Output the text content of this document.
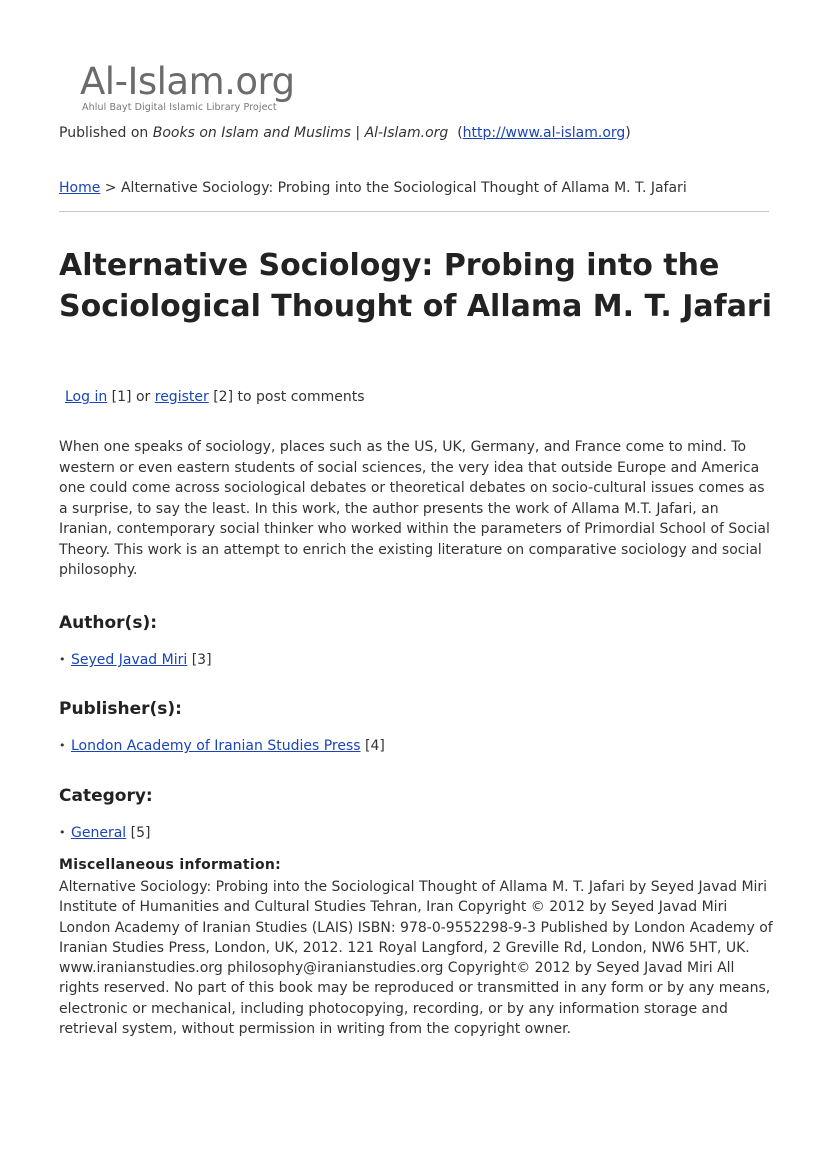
Al-Islam.org
Ahlul Bayt Digital Islamic Library Project
Published on Books on Islam and Muslims | Al-Islam.org (http://www.al-islam.org)
Home > Alternative Sociology: Probing into the Sociological Thought of Allama M. T. Jafari
Alternative Sociology: Probing into the Sociological Thought of Allama M. T. Jafari
Log in [1] or register [2] to post comments

When one speaks of sociology, places such as the US, UK, Germany, and France come to mind. To western or even eastern students of social sciences, the very idea that outside Europe and America one could come across sociological debates or theoretical debates on socio-cultural issues comes as a surprise, to say the least. In this work, the author presents the work of Allama M.T. Jafari, an Iranian, contemporary social thinker who worked within the parameters of Primordial School of Social Theory. This work is an attempt to enrich the existing literature on comparative sociology and social philosophy.

Author(s):
• Seyed Javad Miri [3]
Publisher(s):
• London Academy of Iranian Studies Press [4]
Category:
• General [5]
Miscellaneous information:

Alternative Sociology: Probing into the Sociological Thought of Allama M. T. Jafari by Seyed Javad Miri Institute of Humanities and Cultural Studies Tehran, Iran Copyright © 2012 by Seyed Javad Miri London Academy of Iranian Studies (LAIS) ISBN: 978-0-9552298-9-3 Published by London Academy of Iranian Studies Press, London, UK, 2012. 121 Royal Langford, 2 Greville Rd, London, NW6 5HT, UK. www.iranianstudies.org philosophy@iranianstudies.org Copyright© 2012 by Seyed Javad Miri All rights reserved. No part of this book may be reproduced or transmitted in any form or by any means, electronic or mechanical, including photocopying, recording, or by any information storage and retrieval system, without permission in writing from the copyright owner.
